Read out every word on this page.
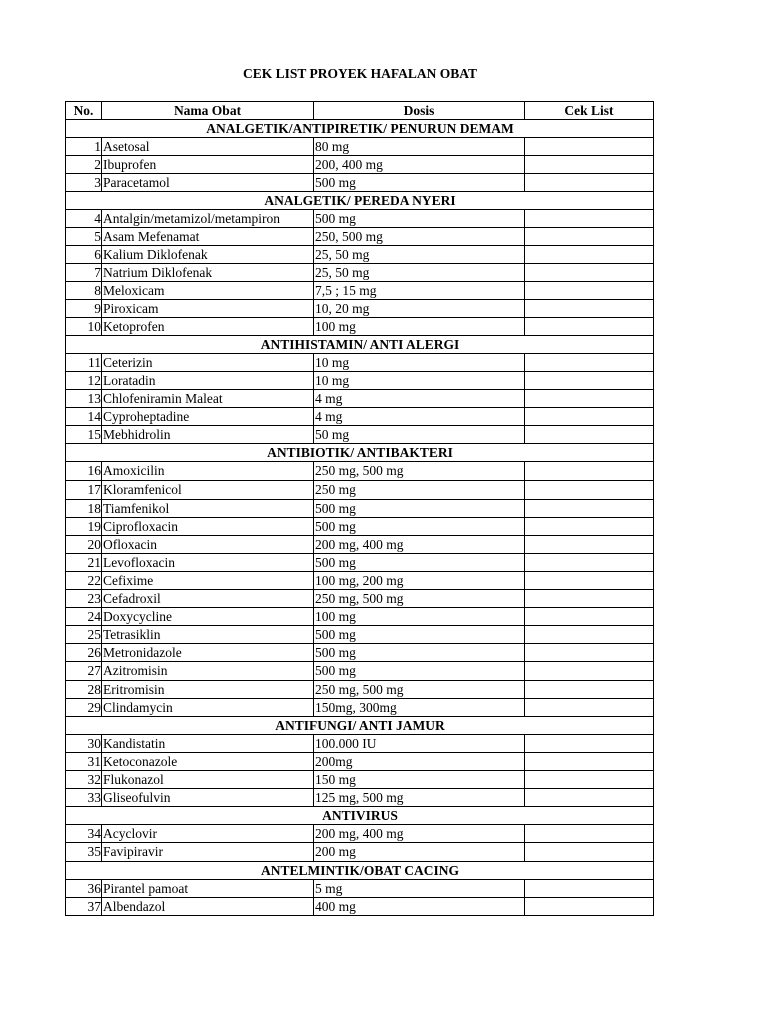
CEK LIST PROYEK HAFALAN OBAT
No.	Nama Obat	Dosis	Cek List
ANALGETIK/ANTIPIRETIK/ PENURUN DEMAM			
1	Asetosal	80 mg	
2	Ibuprofen	200, 400 mg	
3	Paracetamol	500 mg	
ANALGETIK/ PEREDA NYERI			
4	Antalgin/metamizol/metampiron	500 mg	
5	Asam Mefenamat	250, 500 mg	
6	Kalium Diklofenak	25, 50 mg	
7	Natrium Diklofenak	25, 50 mg	
8	Meloxicam	7,5 ; 15 mg	
9	Piroxicam	10, 20 mg	
10	Ketoprofen	100 mg	
ANTIHISTAMIN/ ANTI ALERGI			
11	Ceterizin	10 mg	
12	Loratadin	10 mg	
13	Chlofeniramin Maleat	4 mg	
14	Cyproheptadine	4 mg	
15	Mebhidrolin	50 mg	
ANTIBIOTIK/ ANTIBAKTERI			
16	Amoxicilin	250 mg, 500 mg	
17	Kloramfenicol	250 mg	
18	Tiamfenikol	500 mg	
19	Ciprofloxacin	500 mg	
20	Ofloxacin	200 mg, 400 mg	
21	Levofloxacin	500 mg	
22	Cefixime	100 mg, 200 mg	
23	Cefadroxil	250 mg, 500 mg	
24	Doxycycline	100 mg	
25	Tetrasiklin	500 mg	
26	Metronidazole	500 mg	
27	Azitromisin	500 mg	
28	Eritromisin	250 mg, 500 mg	
29	Clindamycin	150mg, 300mg	
ANTIFUNGI/ ANTI JAMUR			
30	Kandistatin	100.000 IU	
31	Ketoconazole	200mg	
32	Flukonazol	150 mg	
33	Gliseofulvin	125 mg, 500 mg	
ANTIVIRUS			
34	Acyclovir	200 mg, 400 mg	
35	Favipiravir	200 mg	
ANTELMINTIK/OBAT CACING			
36	Pirantel pamoat	5 mg	
37	Albendazol	400 mg	
